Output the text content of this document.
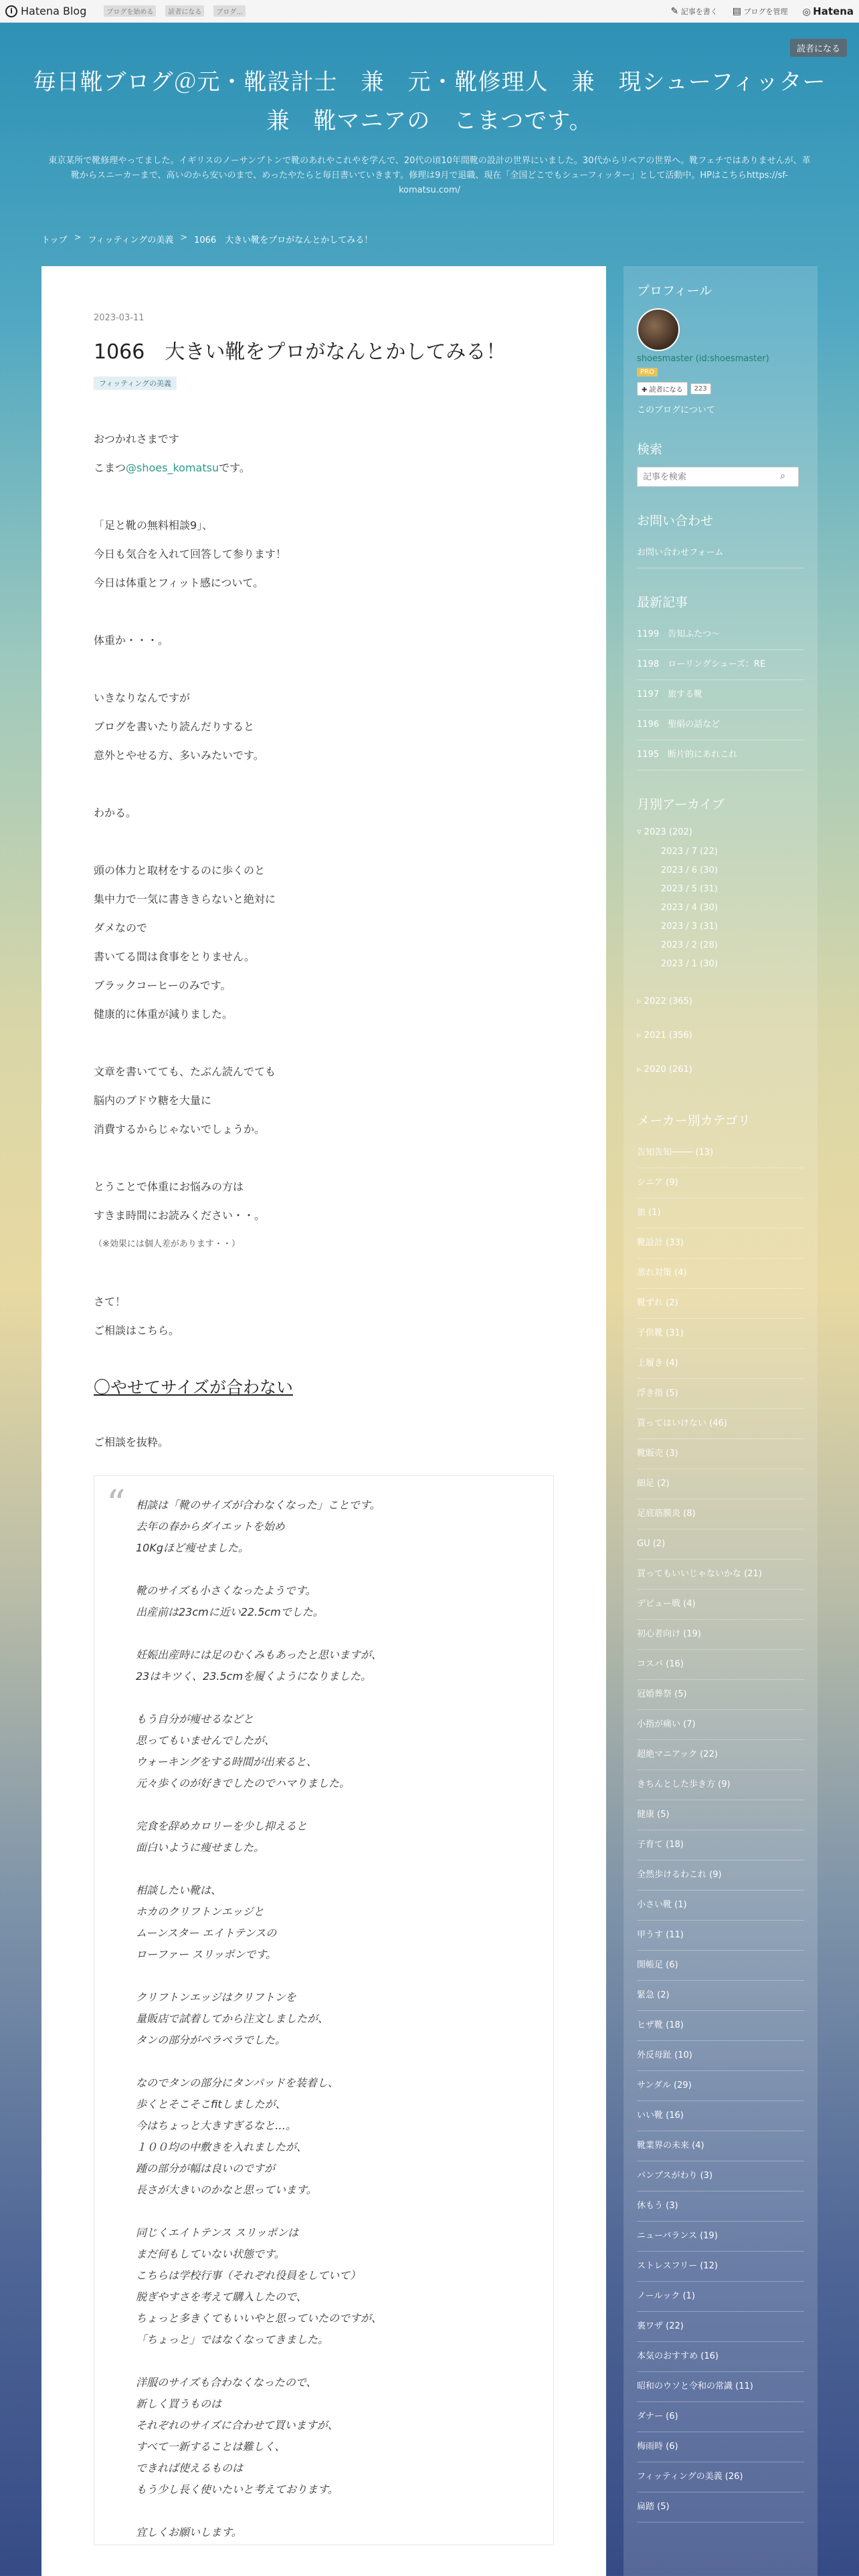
i Hatena Blog	ブログを始める	読者になる	ブログ...	✎ 記事を書く ▤ ブログを管理 ◎ Hatena
読者になる
毎日靴ブログ＠元・靴設計士　兼　元・靴修理人　兼　現シューフィッター　兼　靴マニアの　こまつです。
東京某所で靴修理やってました。イギリスのノーサンプトンで靴のあれやこれやを学んで、20代の頃10年間靴の設計の世界にいました。30代からリペアの世界へ。靴フェチではありませんが、革靴からスニーカーまで、高いのから安いのまで、めったやたらと毎日書いていきます。修理は9月で退職、現在「全国どこでもシューフィッター」として活動中。HPはこちらhttps://sf-komatsu.com/
トップ > フィッティングの美義 > 1066　大きい靴をプロがなんとかしてみる！
2023-03-11
1066　大きい靴をプロがなんとかしてみる！
フィッティングの美義
おつかれさまです
こまつ@shoes_komatsuです。
「足と靴の無料相談9」、
今日も気合を入れて回答して参ります！
今日は体重とフィット感について。
体重か・・・。
いきなりなんですが
ブログを書いたり読んだりすると
意外とやせる方、多いみたいです。
わかる。
頭の体力と取材をするのに歩くのと
集中力で一気に書ききらないと絶対に
ダメなので
書いてる間は食事をとりません。
ブラックコーヒーのみです。
健康的に体重が減りました。
文章を書いてても、たぶん読んでても
脳内のブドウ糖を大量に
消費するからじゃないでしょうか。
とうことで体重にお悩みの方は
すきま時間にお読みください・・。
（※効果には個人差があります・・）
さて！
ご相談はこちら。
〇やせてサイズが合わない
ご相談を抜粋。
“ 相談は「靴のサイズが合わなくなった」ことです。
去年の春からダイエットを始め
10Kgほど痩せました。
靴のサイズも小さくなったようです。
出産前は23cmに近い22.5cmでした。
妊娠出産時には足のむくみもあったと思いますが、
23はキツく、23.5cmを履くようになりました。
もう自分が痩せるなどと
思ってもいませんでしたが、
ウォーキングをする時間が出来ると、
元々歩くのが好きでしたのでハマりました。
完食を辞めカロリーを少し抑えると
面白いように痩せました。
相談したい靴は、
ホカのクリフトンエッジと
ムーンスター エイトテンスの
ローファー スリッポンです。
クリフトンエッジはクリフトンを
量販店で試着してから注文しましたが、
タンの部分がペラペラでした。
なのでタンの部分にタンパッドを装着し、
歩くとそこそこfitしましたが、
今はちょっと大きすぎるなと…。
１００均の中敷きを入れましたが、
踵の部分が幅は良いのですが
長さが大きいのかなと思っています。
同じくエイトテンス スリッポンは
まだ何もしていない状態です。
こちらは学校行事（それぞれ役員をしていて）
脱ぎやすさを考えて購入したので、
ちょっと多きくてもいいやと思っていたのですが、
「ちょっと」ではなくなってきました。
洋服のサイズも合わなくなったので、
新しく買うものは
それぞれのサイズに合わせて買いますが、
すべて一新することは難しく、
できれば使えるものは
もう少し長く使いたいと考えております。
宜しくお願いします。
プロフィール
shoesmaster (id:shoesmaster)
PRO
✚ 読者になる	223
このブログについて
検索
記事を検索
⌕
お問い合わせ
お問い合わせフォーム
最新記事
1199　告知ふたつ〜
1198　ローリングシューズ：RE
1197　旅する靴
1196　聖絹の話など
1195　断片的にあれこれ
月別アーカイブ
▿ 2023 (202)
2023 / 7 (22)
2023 / 6 (30)
2023 / 5 (31)
2023 / 4 (30)
2023 / 3 (31)
2023 / 2 (28)
2023 / 1 (30)
▹ 2022 (365)
▹ 2021 (356)
▹ 2020 (261)
メーカー別カテゴリ
告知告知──── (13)
シニア (9)
旅 (1)
靴設計 (33)
蒸れ対策 (4)
靴ずれ (2)
子供靴 (31)
上履き (4)
浮き指 (5)
買ってはいけない (46)
靴販売 (3)
細足 (2)
足底筋膜炎 (8)
GU (2)
買ってもいいじゃないかな (21)
デビュー戦 (4)
初心者向け (19)
コスパ (16)
冠婚葬祭 (5)
小指が痛い (7)
超絶マニアック (22)
きちんとした歩き方 (9)
健康 (5)
子育て (18)
全然歩けるわこれ (9)
小さい靴 (1)
甲うす (11)
開帳足 (6)
緊急 (2)
ヒザ靴 (18)
外反母趾 (10)
サンダル (29)
いい靴 (16)
靴業界の未来 (4)
パンプスがわり (3)
休もう (3)
ニューバランス (19)
ストレスフリー (12)
ノールック (1)
裏ワザ (22)
本気のおすすめ (16)
昭和のウソと令和の常識 (11)
ダナー (6)
梅雨時 (6)
フィッティングの美義 (26)
扁踏 (5)
